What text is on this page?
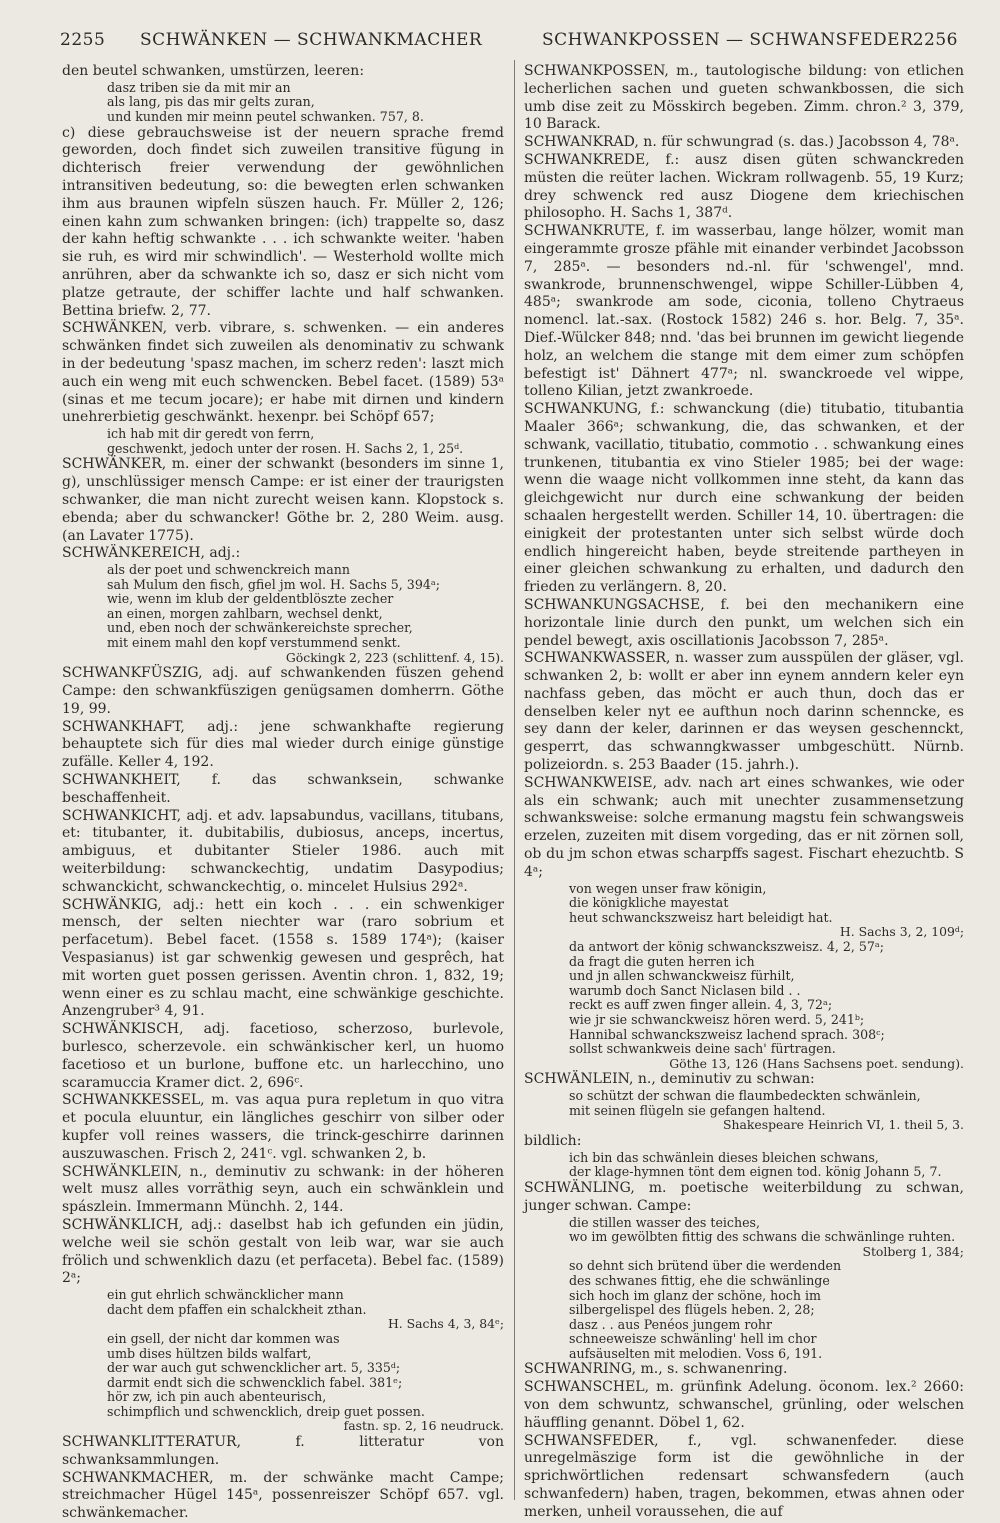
2255 SCHWÄNKEN — SCHWANKMACHER	SCHWANKPOSSEN — SCHWANSFEDER 2256

den beutel schwanken, umstürzen, leeren:

dasz triben sie da mit mir an

als lang, pis das mir gelts zuran,

und kunden mir meinn peutel schwanken. 757, 8.

c) diese gebrauchsweise ist der neuern sprache fremd geworden, doch findet sich zuweilen transitive fügung in dichterisch freier verwendung der gewöhnlichen intransitiven bedeutung, so: die bewegten erlen schwanken ihm aus braunen wipfeln süszen hauch. Fr. Müller 2, 126; einen kahn zum schwanken bringen: (ich) trappelte so, dasz der kahn heftig schwankte . . . ich schwankte weiter. 'haben sie ruh, es wird mir schwindlich'. — Westerhold wollte mich anrühren, aber da schwankte ich so, dasz er sich nicht vom platze getraute, der schiffer lachte und half schwanken. Bettina briefw. 2, 77.

SCHWÄNKEN, verb. vibrare, s. schwenken. — ein anderes schwänken findet sich zuweilen als denominativ zu schwank in der bedeutung 'spasz machen, im scherz reden': laszt mich auch ein weng mit euch schwencken. Bebel facet. (1589) 53ᵃ (sinas et me tecum jocare); er habe mit dirnen und kindern unehrerbietig geschwänkt. hexenpr. bei Schöpf 657;

ich hab mit dir geredt von ferrn,

geschwenkt, jedoch unter der rosen. H. Sachs 2, 1, 25ᵈ.

SCHWÄNKER, m. einer der schwankt (besonders im sinne 1, g), unschlüssiger mensch Campe: er ist einer der traurigsten schwanker, die man nicht zurecht weisen kann. Klopstock s. ebenda; aber du schwancker! Göthe br. 2, 280 Weim. ausg. (an Lavater 1775).

SCHWÄNKEREICH, adj.:

als der poet und schwenckreich mann

sah Mulum den fisch, gfiel jm wol. H. Sachs 5, 394ᵃ;

wie, wenn im klub der geldentblöszte zecher

an einen, morgen zahlbarn, wechsel denkt,

und, eben noch der schwänkereichste sprecher,

mit einem mahl den kopf verstummend senkt.

Göckingk 2, 223 (schlittenf. 4, 15).

SCHWANKFÜSZIG, adj. auf schwankenden füszen gehend Campe: den schwankfüszigen genügsamen domherrn. Göthe 19, 99.

SCHWANKHAFT, adj.: jene schwankhafte regierung behauptete sich für dies mal wieder durch einige günstige zufälle. Keller 4, 192.

SCHWANKHEIT, f. das schwanksein, schwanke beschaffenheit.

SCHWANKICHT, adj. et adv. lapsabundus, vacillans, titubans, et: titubanter, it. dubitabilis, dubiosus, anceps, incertus, ambiguus, et dubitanter Stieler 1986. auch mit weiterbildung: schwanckechtig, undatim Dasypodius; schwanckicht, schwanckechtig, o. mincelet Hulsius 292ᵃ.

SCHWÄNKIG, adj.: hett ein koch . . . ein schwenkiger mensch, der selten niechter war (raro sobrium et perfacetum). Bebel facet. (1558 s. 1589 174ᵃ); (kaiser Vespasianus) ist gar schwenkig gewesen und gesprêch, hat mit worten guet possen gerissen. Aventin chron. 1, 832, 19; wenn einer es zu schlau macht, eine schwänkige geschichte. Anzengruber³ 4, 91.

SCHWÄNKISCH, adj. facetioso, scherzoso, burlevole, burlesco, scherzevole. ein schwänkischer kerl, un huomo facetioso et un burlone, buffone etc. un harlecchino, uno scaramuccia Kramer dict. 2, 696ᶜ.

SCHWANKKESSEL, m. vas aqua pura repletum in quo vitra et pocula eluuntur, ein längliches geschirr von silber oder kupfer voll reines wassers, die trinck-geschirre darinnen auszuwaschen. Frisch 2, 241ᶜ. vgl. schwanken 2, b.

SCHWÄNKLEIN, n., deminutiv zu schwank: in der höheren welt musz alles vorräthig seyn, auch ein schwänklein und spászlein. Immermann Münchh. 2, 144.

SCHWÄNKLICH, adj.: daselbst hab ich gefunden ein jüdin, welche weil sie schön gestalt von leib war, war sie auch frölich und schwenklich dazu (et perfaceta). Bebel fac. (1589) 2ᵃ;

ein gut ehrlich schwäncklicher mann

dacht dem pfaffen ein schalckheit zthan.

H. Sachs 4, 3, 84ᵉ;

ein gsell, der nicht dar kommen was

umb dises hültzen bilds walfart,

der war auch gut schwencklicher art. 5, 335ᵈ;

darmit endt sich die schwencklich fabel. 381ᵉ;

hör zw, ich pin auch abenteurisch,

schimpflich und schwencklich, dreip guet possen.

fastn. sp. 2, 16 neudruck.

SCHWANKLITTERATUR, f. litteratur von schwanksammlungen.

SCHWANKMACHER, m. der schwänke macht Campe; streichmacher Hügel 145ᵃ, possenreiszer Schöpf 657. vgl. schwänkemacher.

SCHWANKPOSSEN, m., tautologische bildung: von etlichen lecherlichen sachen und gueten schwankbossen, die sich umb dise zeit zu Mösskirch begeben. Zimm. chron.² 3, 379, 10 Barack.

SCHWANKRAD, n. für schwungrad (s. das.) Jacobsson 4, 78ᵃ.

SCHWANKREDE, f.: ausz disen güten schwanckreden müsten die reüter lachen. Wickram rollwagenb. 55, 19 Kurz; drey schwenck red ausz Diogene dem kriechischen philosopho. H. Sachs 1, 387ᵈ.

SCHWANKRUTE, f. im wasserbau, lange hölzer, womit man eingerammte grosze pfähle mit einander verbindet Jacobsson 7, 285ᵃ. — besonders nd.-nl. für 'schwengel', mnd. swankrode, brunnenschwengel, wippe Schiller-Lübben 4, 485ᵃ; swankrode am sode, ciconia, tolleno Chytraeus nomencl. lat.-sax. (Rostock 1582) 246 s. hor. Belg. 7, 35ᵃ. Dief.-Wülcker 848; nnd. 'das bei brunnen im gewicht liegende holz, an welchem die stange mit dem eimer zum schöpfen befestigt ist' Dähnert 477ᵃ; nl. swanckroede vel wippe, tolleno Kilian, jetzt zwankroede.

SCHWANKUNG, f.: schwanckung (die) titubatio, titubantia Maaler 366ᵃ; schwankung, die, das schwanken, et der schwank, vacillatio, titubatio, commotio . . schwankung eines trunkenen, titubantia ex vino Stieler 1985; bei der wage: wenn die waage nicht vollkommen inne steht, da kann das gleichgewicht nur durch eine schwankung der beiden schaalen hergestellt werden. Schiller 14, 10. übertragen: die einigkeit der protestanten unter sich selbst würde doch endlich hingereicht haben, beyde streitende partheyen in einer gleichen schwankung zu erhalten, und dadurch den frieden zu verlängern. 8, 20.

SCHWANKUNGSACHSE, f. bei den mechanikern eine horizontale linie durch den punkt, um welchen sich ein pendel bewegt, axis oscillationis Jacobsson 7, 285ᵃ.

SCHWANKWASSER, n. wasser zum ausspülen der gläser, vgl. schwanken 2, b: wollt er aber inn eynem anndern keler eyn nachfass geben, das möcht er auch thun, doch das er denselben keler nyt ee aufthun noch darinn schenncke, es sey dann der keler, darinnen er das weysen geschennckt, gesperrt, das schwanngkwasser umbgeschütt. Nürnb. polizeiordn. s. 253 Baader (15. jahrh.).

SCHWANKWEISE, adv. nach art eines schwankes, wie oder als ein schwank; auch mit unechter zusammensetzung schwanksweise: solche ermanung magstu fein schwangsweis erzelen, zuzeiten mit disem vorgeding, das er nit zörnen soll, ob du jm schon etwas scharpffs sagest. Fischart ehezuchtb. S 4ᵃ;

von wegen unser fraw königin,

die königkliche mayestat

heut schwanckszweisz hart beleidigt hat.

H. Sachs 3, 2, 109ᵈ;

da antwort der könig schwanckszweisz. 4, 2, 57ᵃ;

da fragt die guten herren ich

und jn allen schwanckweisz fürhilt,

warumb doch Sanct Niclasen bild . .

reckt es auff zwen finger allein. 4, 3, 72ᵃ;

wie jr sie schwanckweisz hören werd. 5, 241ᵇ;

Hannibal schwanckszweisz lachend sprach. 308ᶜ;

sollst schwankweis deine sach' fürtragen.

Göthe 13, 126 (Hans Sachsens poet. sendung).

SCHWÄNLEIN, n., deminutiv zu schwan:

so schützt der schwan die flaumbedeckten schwänlein,

mit seinen flügeln sie gefangen haltend.

Shakespeare Heinrich VI, 1. theil 5, 3.

bildlich:

ich bin das schwänlein dieses bleichen schwans,

der klage-hymnen tönt dem eignen tod. könig Johann 5, 7.

SCHWÄNLING, m. poetische weiterbildung zu schwan, junger schwan. Campe:

die stillen wasser des teiches,

wo im gewölbten fittig des schwans die schwänlinge ruhten.

Stolberg 1, 384;

so dehnt sich brütend über die werdenden

des schwanes fittig, ehe die schwänlinge

sich hoch im glanz der schöne, hoch im

silbergelispel des flügels heben. 2, 28;

dasz . . aus Penéos jungem rohr

schneeweisze schwänling' hell im chor

aufsäuselten mit melodien. Voss 6, 191.

SCHWANRING, m., s. schwanenring.

SCHWANSCHEL, m. grünfink Adelung. öconom. lex.² 2660: von dem schwuntz, schwanschel, grünling, oder welschen häuffling genannt. Döbel 1, 62.

SCHWANSFEDER, f., vgl. schwanenfeder. diese unregelmäszige form ist die gewöhnliche in der sprichwörtlichen redensart schwansfedern (auch schwanfedern) haben, tragen, bekommen, etwas ahnen oder merken, unheil voraussehen, die auf
